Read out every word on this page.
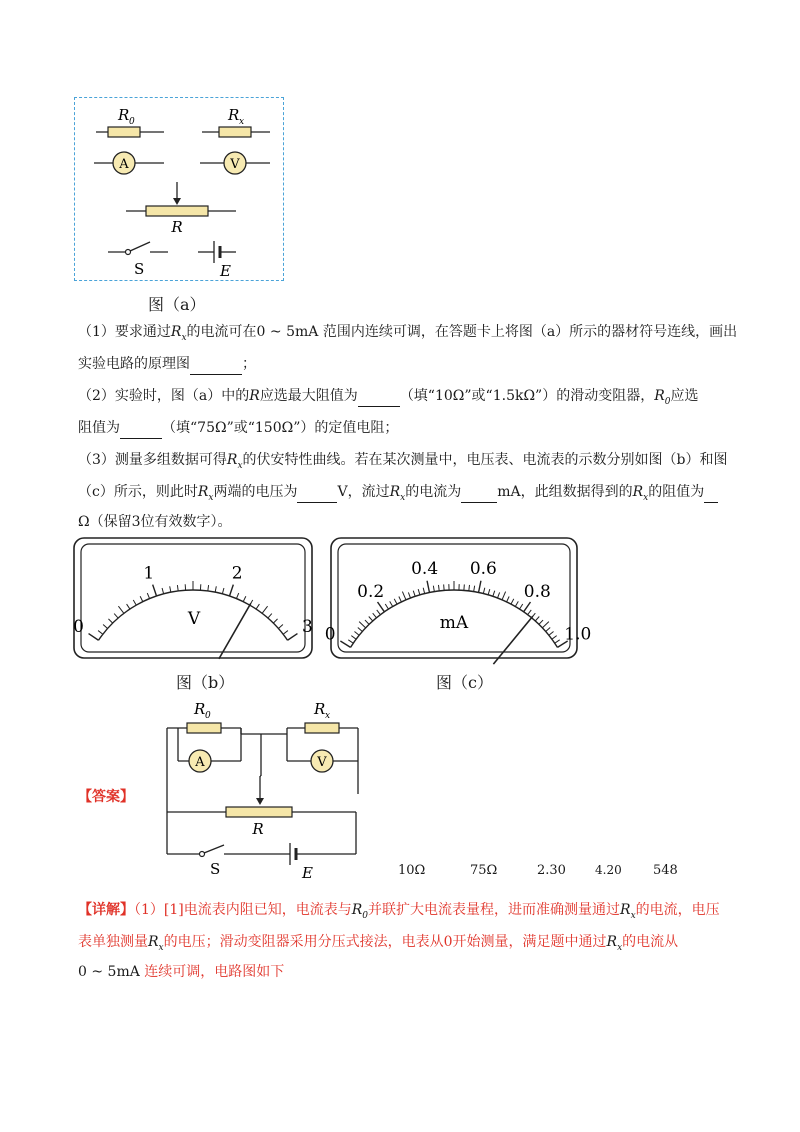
R 0	R x
A	V
R
S	E
图（a）
（1）要求通过$R_x$的电流可在0 ~ 5mA 范围内连续可调，在答题卡上将图（a）所示的器材符号连线，画出
实验电路的原理图	；
（2）实验时，图（a）中的R应选最大阻值为	（填“10Ω”或“1.5kΩ”）的滑动变阻器，$R_0$应选
阻值为	（填“75Ω”或“150Ω”）的定值电阻；
（3）测量多组数据可得$R_x$的伏安特性曲线。若在某次测量中，电压表、电流表的示数分别如图（b）和图
（c）所示，则此时$R_x$两端的电压为	V，流过$R_x$的电流为	mA，此组数据得到的$R_x$的阻值为
Ω（保留3位有效数字）。
0
1	2
3
V
图（b）
0
0.2
0.4 0.6
0.8
1.0
mA
图（c）
【答案】
R 0
A
R x
V
R
S	E	10Ω	75Ω	2.30 4.20 548
【详解】（1）[1]电流表内阻已知，电流表与$R_0$并联扩大电流表量程，进而准确测量通过$R_x$的电流，电压
表单独测量$R_x$的电压；滑动变阻器采用分压式接法，电表从0开始测量，满足题中通过$R_x$的电流从
0 ~ 5mA 连续可调，电路图如下
